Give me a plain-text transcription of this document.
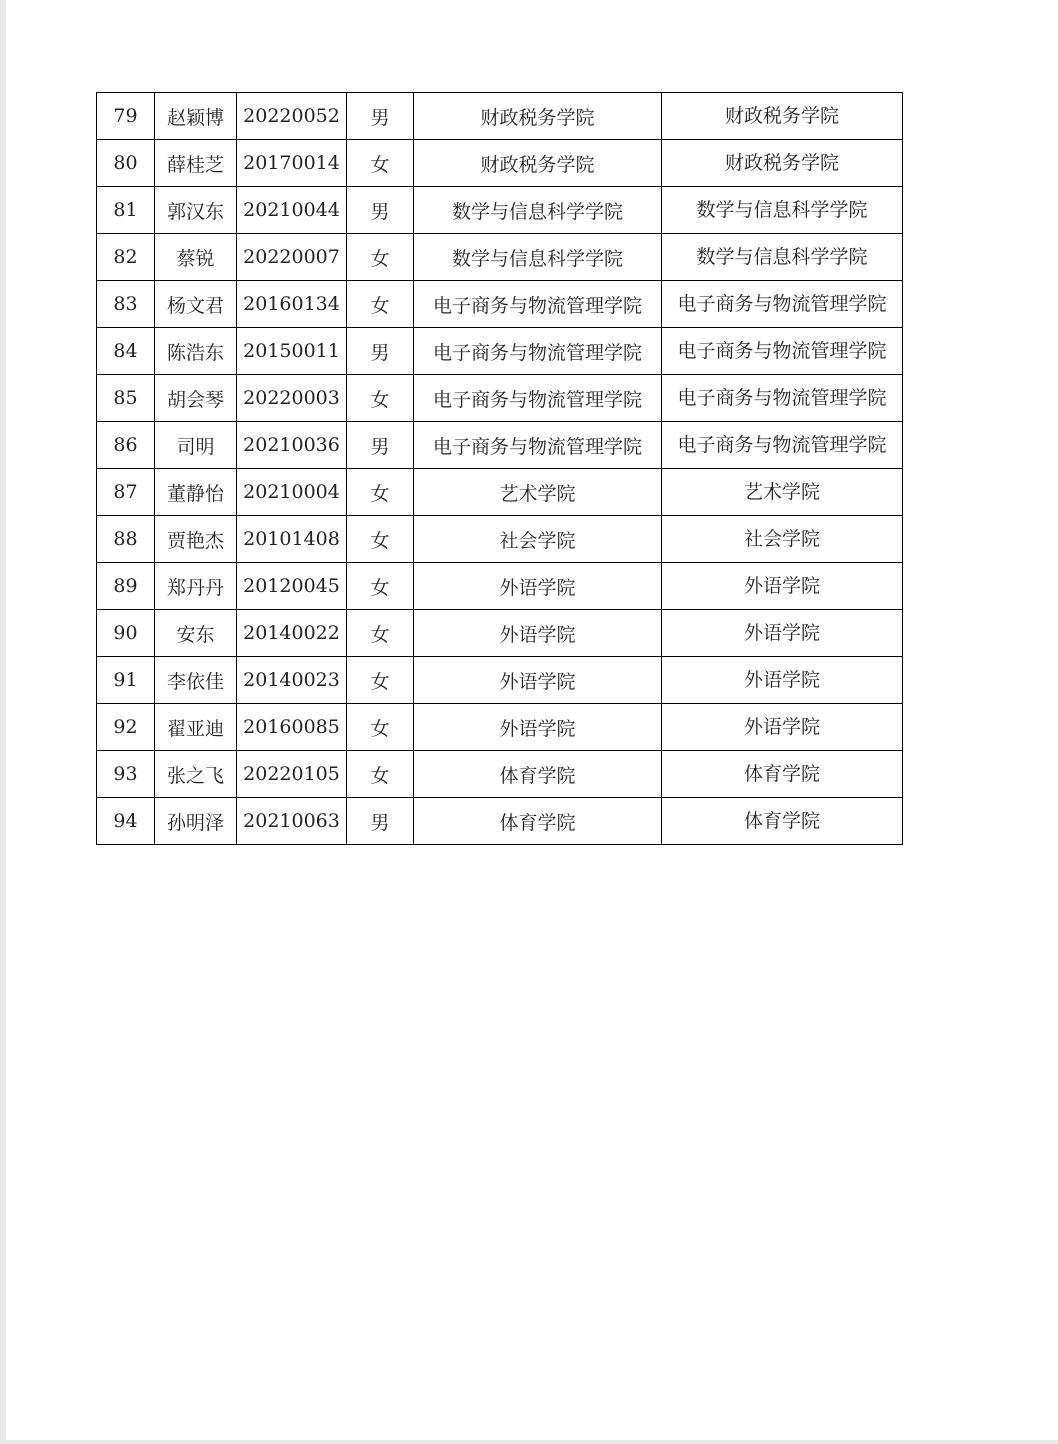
79	赵颖博	20220052	男	财政税务学院	财政税务学院

80	薛桂芝	20170014	女	财政税务学院	财政税务学院

81	郭汉东	20210044	男	数学与信息科学学院	数学与信息科学学院

82	蔡锐	20220007	女	数学与信息科学学院	数学与信息科学学院

83	杨文君	20160134	女	电子商务与物流管理学院	电子商务与物流管理学院

84	陈浩东	20150011	男	电子商务与物流管理学院	电子商务与物流管理学院

85	胡会琴	20220003	女	电子商务与物流管理学院	电子商务与物流管理学院

86	司明	20210036	男	电子商务与物流管理学院	电子商务与物流管理学院

87	董静怡	20210004	女	艺术学院	艺术学院

88	贾艳杰	20101408	女	社会学院	社会学院

89	郑丹丹	20120045	女	外语学院	外语学院

90	安东	20140022	女	外语学院	外语学院

91	李依佳	20140023	女	外语学院	外语学院

92	翟亚迪	20160085	女	外语学院	外语学院

93	张之飞	20220105	女	体育学院	体育学院

94	孙明泽	20210063	男	体育学院	体育学院
